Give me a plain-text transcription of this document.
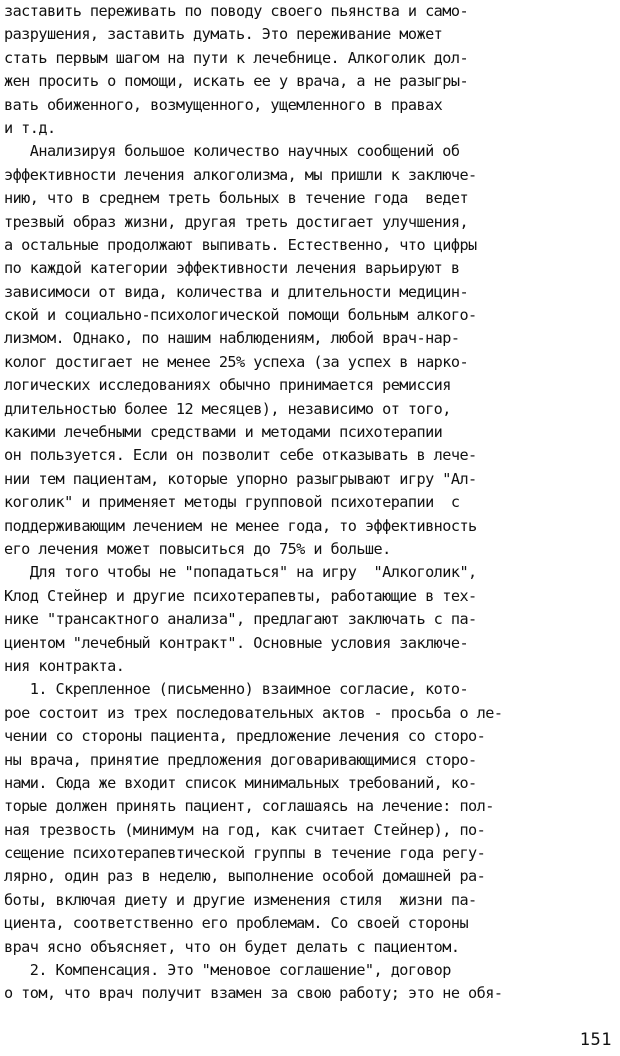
заставить переживать по поводу своего пьянства и само-
разрушения, заставить думать. Это переживание может
стать первым шагом на пути к лечебнице. Алкоголик дол-
жен просить о помощи, искать ее у врача, а не разыгры-
вать обиженного, возмущенного, ущемленного в правах
и т.д.
Анализируя большое количество научных сообщений об
эффективности лечения алкоголизма, мы пришли к заключе-
нию, что в среднем треть больных в течение года  ведет
трезвый образ жизни, другая треть достигает улучшения,
а остальные продолжают выпивать. Естественно, что цифры
по каждой категории эффективности лечения варьируют в
зависимоси от вида, количества и длительности медицин-
ской и социально-психологической помощи больным алкого-
лизмом. Однако, по нашим наблюдениям, любой врач-нар-
колог достигает не менее 25% успеха (за успех в нарко-
логических исследованиях обычно принимается ремиссия
длительностью более 12 месяцев), независимо от того,
какими лечебными средствами и методами психотерапии
он пользуется. Если он позволит себе отказывать в лече-
нии тем пациентам, которые упорно разыгрывают игру "Ал-
коголик" и применяет методы групповой психотерапии  с
поддерживающим лечением не менее года, то эффективность
его лечения может повыситься до 75% и больше.
Для того чтобы не "попадаться" на игру  "Алкоголик",
Клод Стейнер и другие психотерапевты, работающие в тех-
нике "трансактного анализа", предлагают заключать с па-
циентом "лечебный контракт". Основные условия заключе-
ния контракта.
1. Скрепленное (письменно) взаимное согласие, кото-
рое состоит из трех последовательных актов - просьба о ле-
чении со стороны пациента, предложение лечения со сторо-
ны врача, принятие предложения договаривающимися сторо-
нами. Сюда же входит список минимальных требований, ко-
торые должен принять пациент, соглашаясь на лечение: пол-
ная трезвость (минимум на год, как считает Стейнер), по-
сещение психотерапевтической группы в течение года регу-
лярно, один раз в неделю, выполнение особой домашней ра-
боты, включая диету и другие изменения стиля  жизни па-
циента, соответственно его проблемам. Со своей стороны
врач ясно объясняет, что он будет делать с пациентом.
2. Компенсация. Это "меновое соглашение", договор
о том, что врач получит взамен за свою работу; это не обя-
151
